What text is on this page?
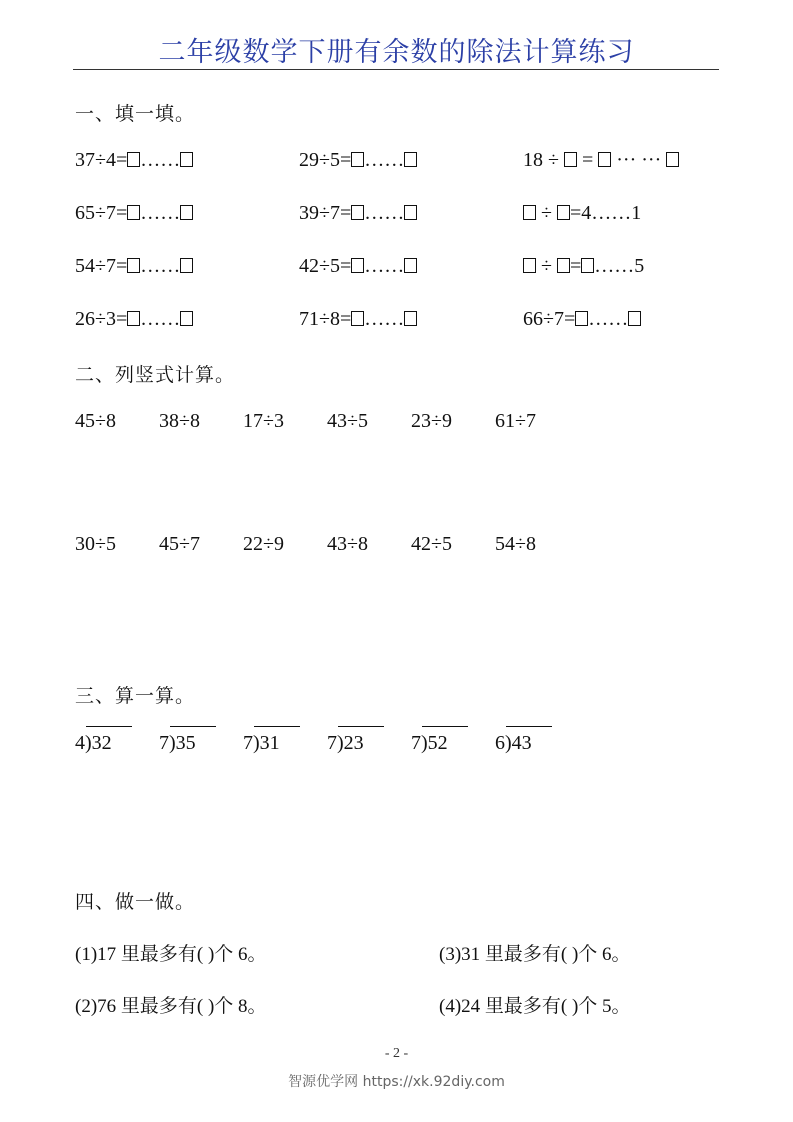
二年级数学下册有余数的除法计算练习
一、填一填。
37÷4= ……	29÷5= ……	18 ÷  =  ··· ···
65÷7= ……	39÷7= ……	÷ =4……1
54÷7= ……	42÷5= ……	÷ = ……5
26÷3= ……	71÷8= ……	66÷7= ……
二、列竖式计算。
45÷8 38÷8 17÷3 43÷5 23÷9 61÷7
30÷5 45÷7 22÷9 43÷8 42÷5 54÷8
三、算一算。
4)32 7)35 7)31 7)23 7)52 6)43
四、做一做。
(1)17 里最多有( )个 6。	(3)31 里最多有( )个 6。
(2)76 里最多有( )个 8。	(4)24 里最多有( )个 5。
- 2 -
智源优学网 https://xk.92diy.com
